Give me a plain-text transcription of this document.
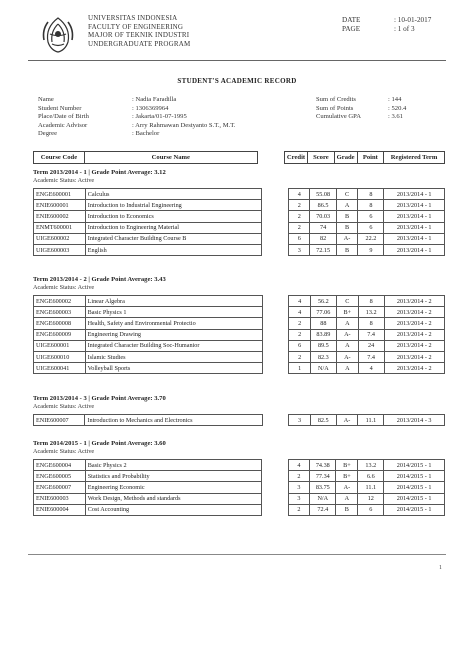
UNIVERSITAS INDONESIA
FACULTY OF ENGINEERING
MAJOR OF TEKNIK INDUSTRI
UNDERGRADUATE PROGRAM
DATE	: 10-01-2017
PAGE	: 1 of 3
STUDENT'S ACADEMIC RECORD
Name	: Nadia Faradilla
Student Number	: 1306369964
Place/Date of Birth	: Jakarta/01-07-1995
Academic Advisor	: Arry Rahmawan Destyanto S.T., M.T.
Degree	: Bachelor
Sum of Credits	: 144
Sum of Points	: 520.4
Cumulative GPA	: 3.61
Course Code	Course Name		Credit	Score	Grade	Point	Registered Term
Term 2013/2014 - 1 | Grade Point Average: 3.12
Academic Status: Active
ENGE600001	Calculus		4	55.08	C	8	2013/2014 - 1
ENIE600001	Introduction to Industrial Engineering		2	86.5	A	8	2013/2014 - 1
ENIE600002	Introduction to Economics		2	70.03	B	6	2013/2014 - 1
ENMT600001	Introduction to Engineering Material		2	74	B	6	2013/2014 - 1
UIGE600002	Integrated Character Building Course B		6	82	A-	22.2	2013/2014 - 1
UIGE600003	English		3	72.15	B	9	2013/2014 - 1
Term 2013/2014 - 2 | Grade Point Average: 3.43
Academic Status: Active
ENGE600002	Linear Algebra		4	56.2	C	8	2013/2014 - 2
ENGE600003	Basic Physics 1		4	77.06	B+	13.2	2013/2014 - 2
ENGE600008	Health, Safety and Environmental Protectio		2	88	A	8	2013/2014 - 2
ENGE600009	Engineering Drawing		2	83.89	A-	7.4	2013/2014 - 2
UIGE600001	Integrated Character Building Soc-Humanior		6	89.5	A	24	2013/2014 - 2
UIGE600010	Islamic Studies		2	82.3	A-	7.4	2013/2014 - 2
UIGE600041	Volleyball Sports		1	N/A	A	4	2013/2014 - 2
Term 2013/2014 - 3 | Grade Point Average: 3.70
Academic Status: Active
ENIE600007	Introduction to Mechanics and Electronics		3	82.5	A-	11.1	2013/2014 - 3
Term 2014/2015 - 1 | Grade Point Average: 3.60
Academic Status: Active
ENGE600004	Basic Physics 2		4	74.38	B+	13.2	2014/2015 - 1
ENGE600005	Statistics and Probability		2	77.34	B+	6.6	2014/2015 - 1
ENGE600007	Engineering Economic		3	83.75	A-	11.1	2014/2015 - 1
ENIE600003	Work Design, Methods and standards		3	N/A	A	12	2014/2015 - 1
ENIE600004	Cost Accounting		2	72.4	B	6	2014/2015 - 1
1
